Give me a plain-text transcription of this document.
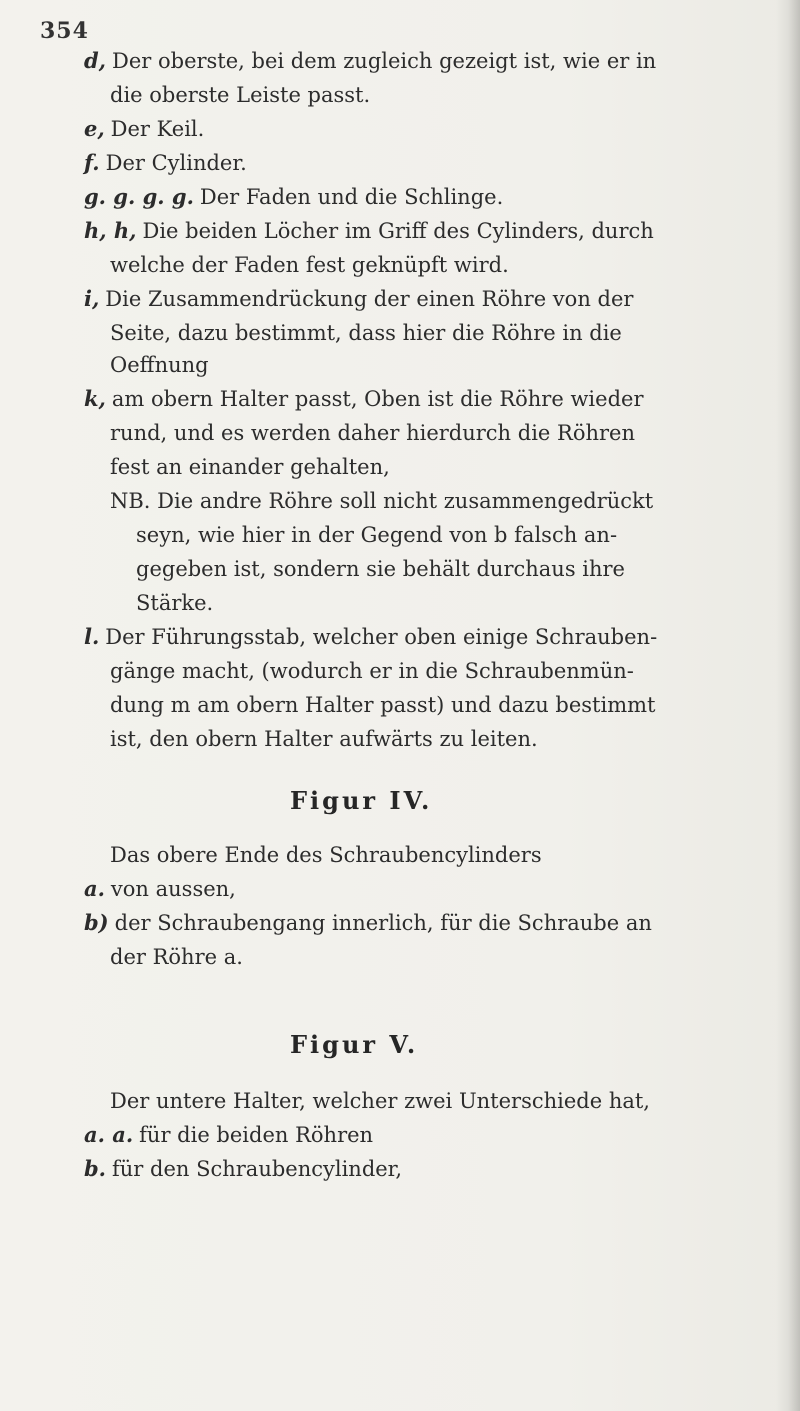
354
d, Der oberste, bei dem zugleich gezeigt ist, wie er in
die oberste Leiste passt.
e, Der Keil.
f. Der Cylinder.
g. g. g. g. Der Faden und die Schlinge.
h, h, Die beiden Löcher im Griff des Cylinders, durch
welche der Faden fest geknüpft wird.
i, Die Zusammendrückung der einen Röhre von der
Seite, dazu bestimmt, dass hier die Röhre in die
Oeffnung
k, am obern Halter passt, Oben ist die Röhre wieder
rund, und es werden daher hierdurch die Röhren
fest an einander gehalten,
NB. Die andre Röhre soll nicht zusammengedrückt
seyn, wie hier in der Gegend von b falsch an-
gegeben ist, sondern sie behält durchaus ihre
Stärke.
l. Der Führungsstab, welcher oben einige Schrauben-
gänge macht, (wodurch er in die Schraubenmün-
dung m am obern Halter passt) und dazu bestimmt
ist, den obern Halter aufwärts zu leiten.
Figur IV.
Das obere Ende des Schraubencylinders
a. von aussen,
b) der Schraubengang innerlich, für die Schraube an
der Röhre a.
Figur V.
Der untere Halter, welcher zwei Unterschiede hat,
a. a. für die beiden Röhren
b. für den Schraubencylinder,
